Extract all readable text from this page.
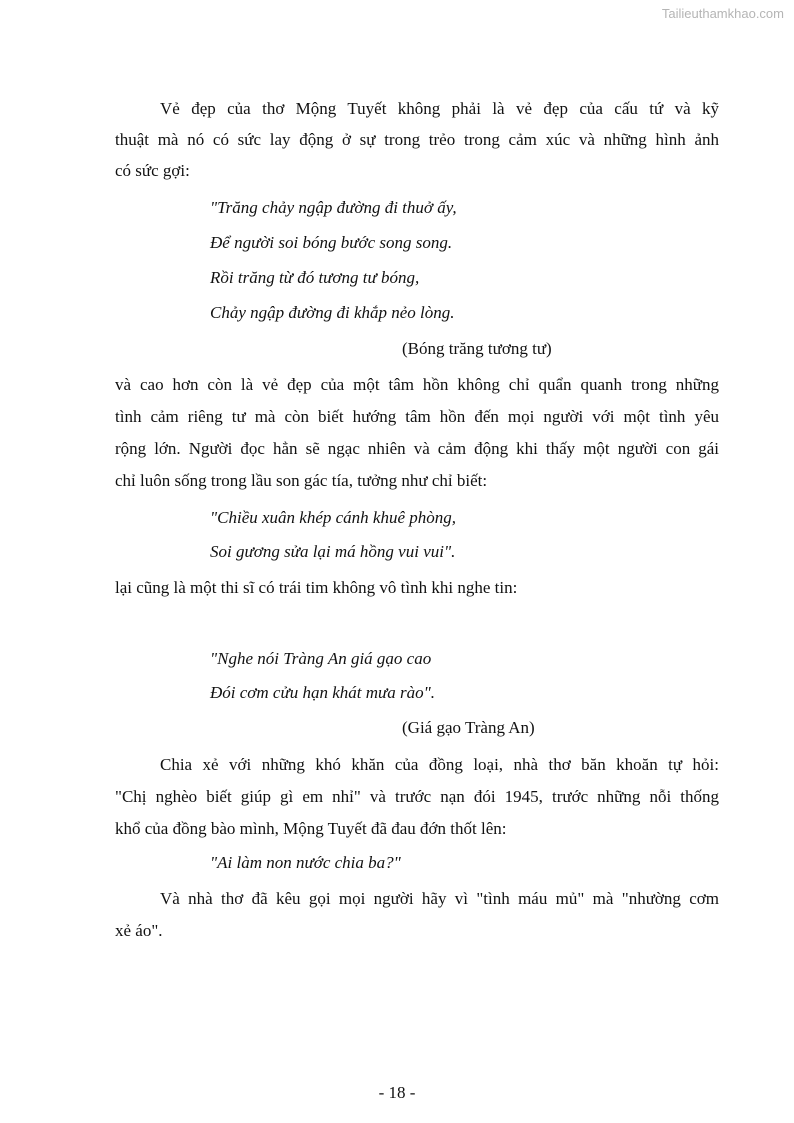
Tailieuthamkhao.com
Vẻ đẹp của thơ Mộng Tuyết không phải là vẻ đẹp của cấu tứ và kỹ
thuật mà nó có sức lay động ở sự trong trẻo trong cảm xúc và những hình ảnh
có sức gợi:
"Trăng chảy ngập đường đi thuở ấy,
Để người soi bóng bước song song.
Rồi trăng từ đó tương tư bóng,
Chảy ngập đường đi khắp nẻo lòng.
(Bóng trăng tương tư)
và cao hơn còn là vẻ đẹp của một tâm hồn không chỉ quẩn quanh trong những
tình cảm riêng tư mà còn biết hướng tâm hồn đến mọi người với một tình yêu
rộng lớn. Người đọc hẳn sẽ ngạc nhiên và cảm động khi thấy một người con gái
chỉ luôn sống trong lầu son gác tía, tưởng như chỉ biết:
"Chiều xuân khép cánh khuê phòng,
Soi gương sửa lại má hồng vui vui".
lại cũng là một thi sĩ có trái tim không vô tình khi nghe tin:
"Nghe nói Tràng An giá gạo cao
Đói cơm cửu hạn khát mưa rào".
(Giá gạo Tràng An)
Chia xẻ với những khó khăn của đồng loại, nhà thơ băn khoăn tự hỏi:
"Chị nghèo biết giúp gì em nhỉ" và trước nạn đói 1945, trước những nỗi thống
khổ của đồng bào mình, Mộng Tuyết đã đau đớn thốt lên:
"Ai làm non nước chia ba?"
Và nhà thơ đã kêu gọi mọi người hãy vì "tình máu mủ" mà "nhường cơm
xẻ áo".
- 18 -
